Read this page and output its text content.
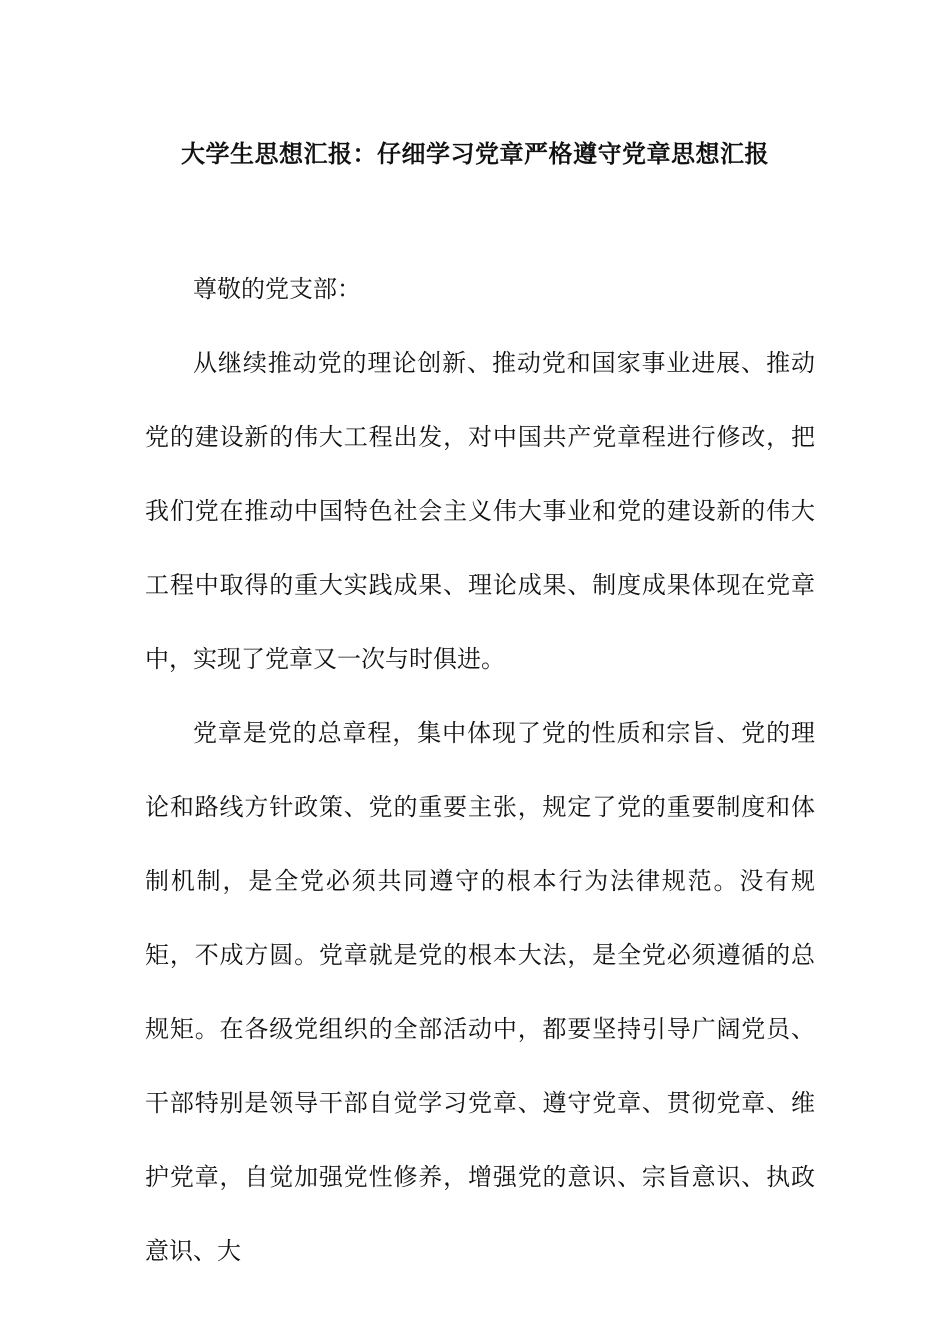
大学生思想汇报：仔细学习党章严格遵守党章思想汇报

尊敬的党支部：

从继续推动党的理论创新、推动党和国家事业进展、推动党的建设新的伟大工程出发，对中国共产党章程进行修改，把我们党在推动中国特色社会主义伟大事业和党的建设新的伟大工程中取得的重大实践成果、理论成果、制度成果体现在党章中，实现了党章又一次与时俱进。

党章是党的总章程，集中体现了党的性质和宗旨、党的理论和路线方针政策、党的重要主张，规定了党的重要制度和体制机制，是全党必须共同遵守的根本行为法律规范。没有规矩，不成方圆。党章就是党的根本大法，是全党必须遵循的总规矩。在各级党组织的全部活动中，都要坚持引导广阔党员、干部特别是领导干部自觉学习党章、遵守党章、贯彻党章、维护党章，自觉加强党性修养，增强党的意识、宗旨意识、执政意识、大
